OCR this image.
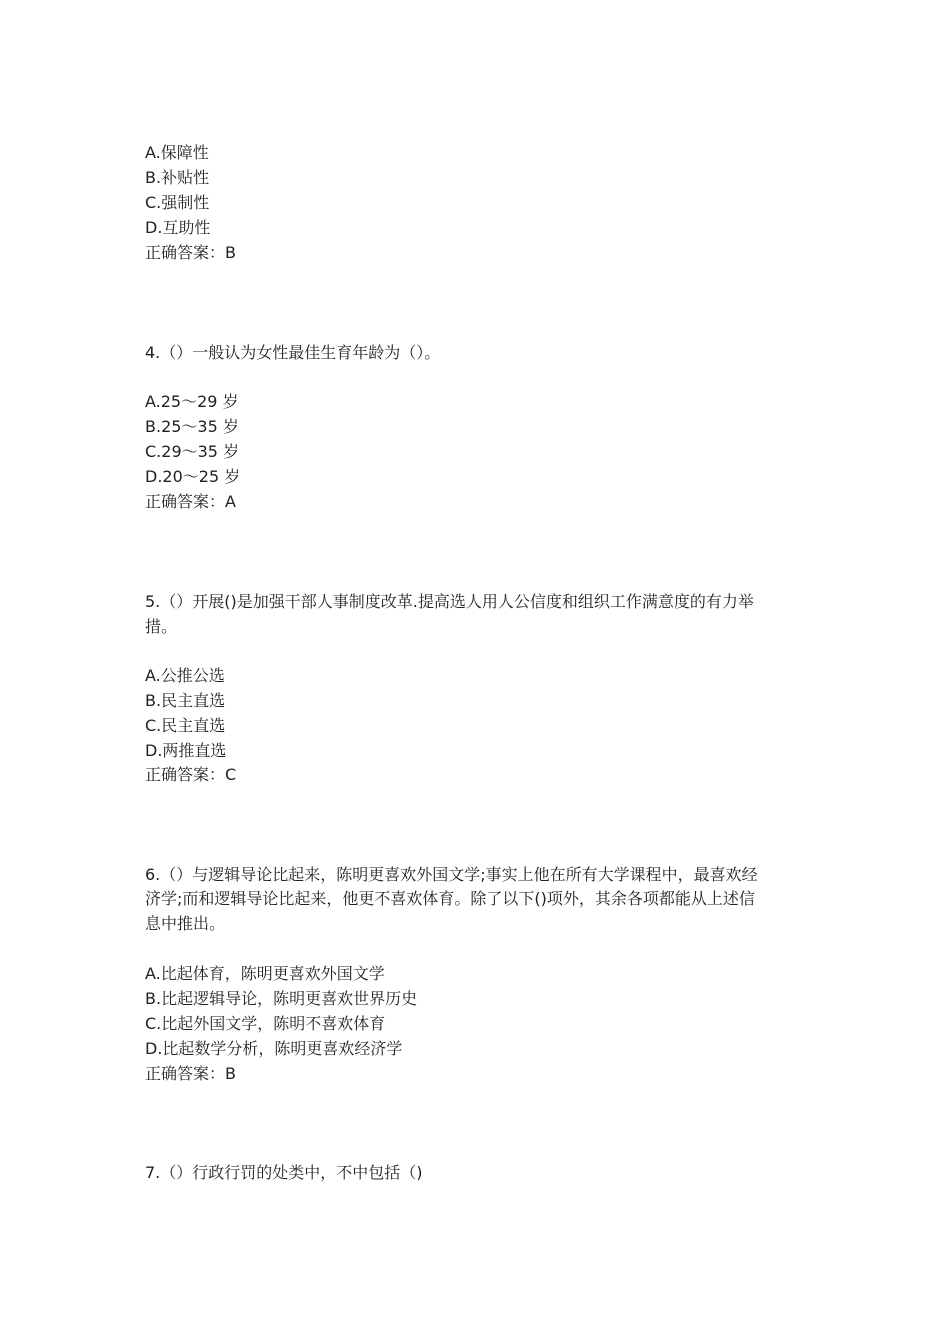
A.保障性
B.补贴性
C.强制性
D.互助性
正确答案：B
4.（）一般认为女性最佳生育年龄为（）。
A.25～29 岁
B.25～35 岁
C.29～35 岁
D.20～25 岁
正确答案：A
5.（）开展()是加强干部人事制度改革.提高选人用人公信度和组织工作满意度的有力举
措。
A.公推公选
B.民主直选
C.民主直选
D.两推直选
正确答案：C
6.（）与逻辑导论比起来，陈明更喜欢外国文学;事实上他在所有大学课程中，最喜欢经
济学;而和逻辑导论比起来，他更不喜欢体育。除了以下()项外，其余各项都能从上述信
息中推出。
A.比起体育，陈明更喜欢外国文学
B.比起逻辑导论，陈明更喜欢世界历史
C.比起外国文学，陈明不喜欢体育
D.比起数学分析，陈明更喜欢经济学
正确答案：B
7.（）行政行罚的处类中，不中包括（)
